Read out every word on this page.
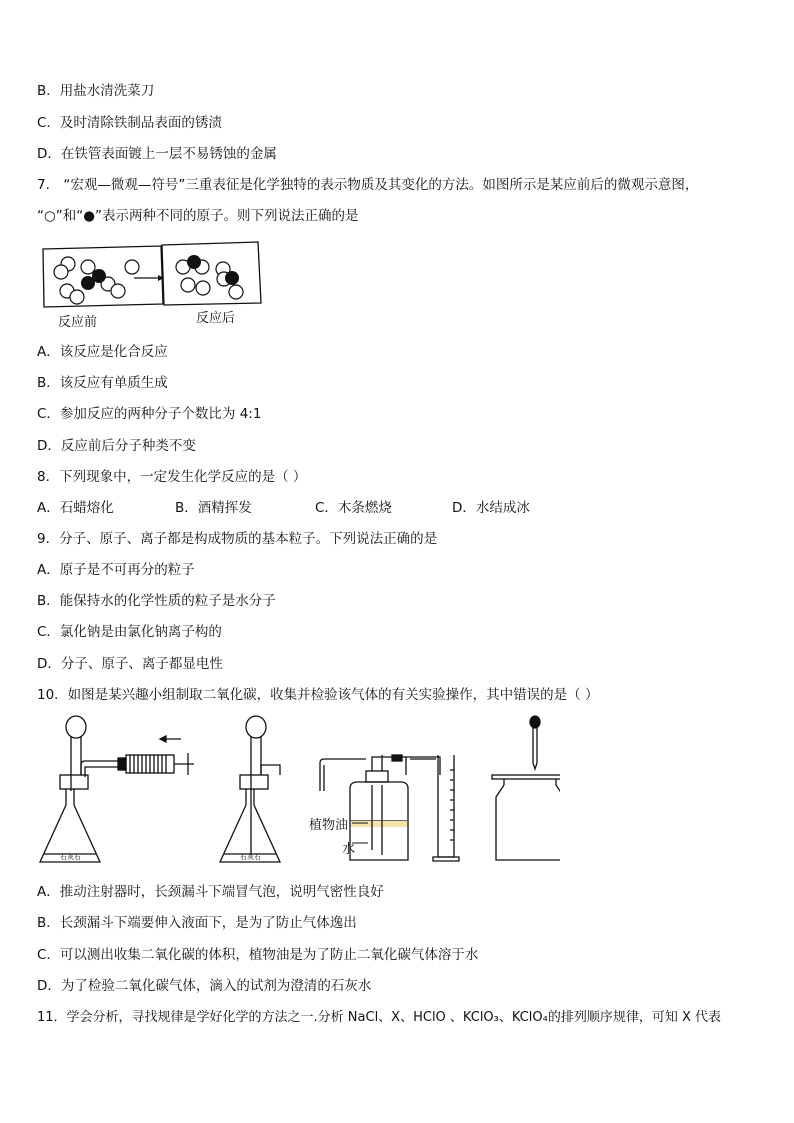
B．用盐水清洗菜刀
C．及时清除铁制品表面的锈渍
D．在铁管表面镀上一层不易锈蚀的金属
7． “宏观—微观—符号”三重表征是化学独特的表示物质及其变化的方法。如图所示是某应前后的微观示意图，
“○”和“●”表示两种不同的原子。则下列说法正确的是
反应前	反应后
A．该反应是化合反应
B．该反应有单质生成
C．参加反应的两种分子个数比为 4:1
D．反应前后分子种类不变
8．下列现象中，一定发生化学反应的是（ ）
A．石蜡熔化	B．酒精挥发	C．木条燃烧	D．水结成冰
9．分子、原子、离子都是构成物质的基本粒子。下列说法正确的是
A．原子是不可再分的粒子
B．能保持水的化学性质的粒子是水分子
C．氯化钠是由氯化钠离子构的
D．分子、原子、离子都显电性
10．如图是某兴趣小组制取二氧化碳，收集并检验该气体的有关实验操作，其中错误的是（ ）
石灰石	石灰石
植物油
水
A．推动注射器时，长颈漏斗下端冒气泡，说明气密性良好
B．长颈漏斗下端要伸入液面下，是为了防止气体逸出
C．可以测出收集二氧化碳的体积，植物油是为了防止二氧化碳气体溶于水
D．为了检验二氧化碳气体，滴入的试剂为澄清的石灰水
11．学会分析，寻找规律是学好化学的方法之一.分析 NaCl、X、HClO 、KClO₃、KClO₄的排列顺序规律，可知 X 代表
